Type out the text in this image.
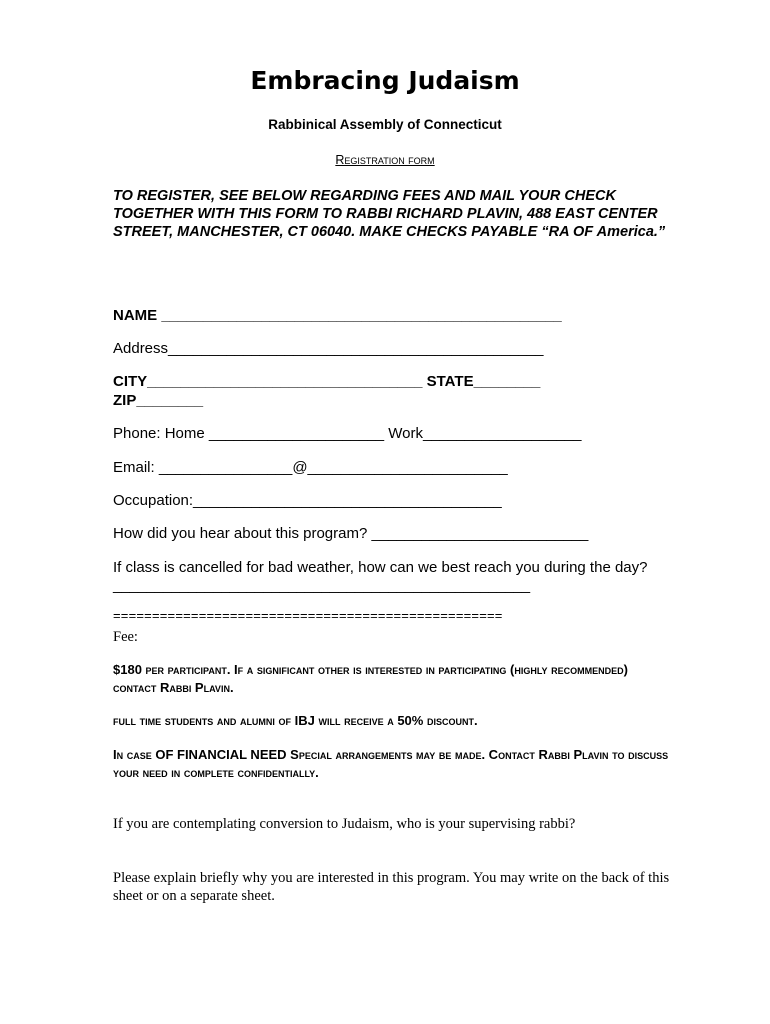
Embracing Judaism
Rabbinical Assembly of Connecticut
Registration form
TO REGISTER, SEE BELOW REGARDING FEES AND MAIL YOUR CHECK TOGETHER WITH THIS FORM TO RABBI RICHARD PLAVIN, 488 EAST CENTER STREET, MANCHESTER, CT 06040. MAKE CHECKS PAYABLE “RA OF America.”
NAME ________________________________________________
Address_____________________________________________
CITY_________________________________ STATE________
ZIP________
Phone: Home _____________________ Work___________________
Email: ________________@________________________
Occupation:_____________________________________
How did you hear about this program? __________________________
If class is cancelled for bad weather, how can we best reach you during the day?
__________________________________________________
==================================================
Fee:
$180 per participant. If a significant other is interested in participating (highly recommended) contact Rabbi Plavin.
full time students and alumni of IBJ will receive a 50% discount.
In case OF FINANCIAL NEED Special arrangements may be made. Contact Rabbi Plavin to discuss your need in complete confidentially.
If you are contemplating conversion to Judaism, who is your supervising rabbi?
Please explain briefly why you are interested in this program. You may write on the back of this sheet or on a separate sheet.
